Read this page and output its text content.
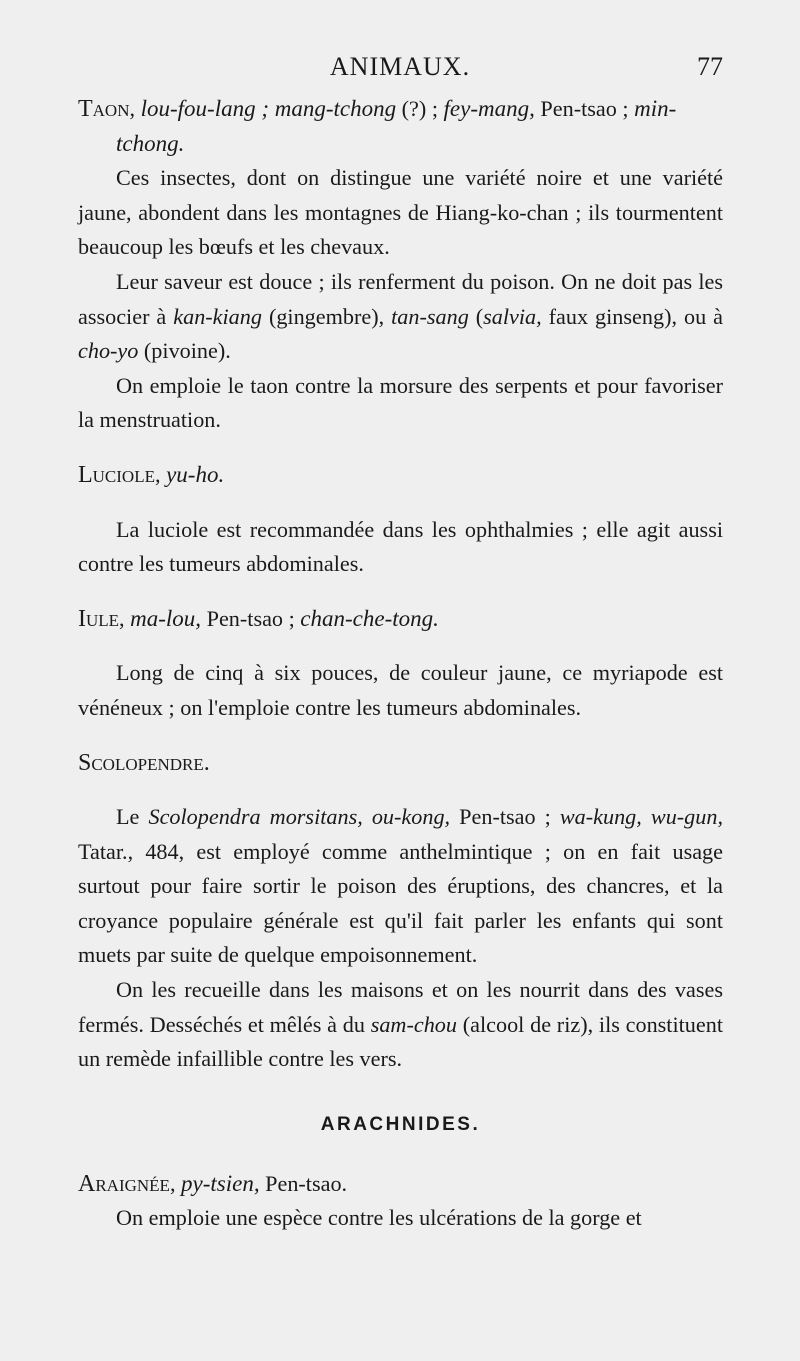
ANIMAUX.	77

Taon, lou-fou-lang ; mang-tchong (?) ; fey-mang, Pen-tsao ; min-tchong.

Ces insectes, dont on distingue une variété noire et une variété jaune, abondent dans les montagnes de Hiang-ko-chan ; ils tourmentent beaucoup les bœufs et les chevaux.

Leur saveur est douce ; ils renferment du poison. On ne doit pas les associer à kan-kiang (gingembre), tan-sang (salvia, faux ginseng), ou à cho-yo (pivoine).

On emploie le taon contre la morsure des serpents et pour favoriser la menstruation.

Luciole, yu-ho.

La luciole est recommandée dans les ophthalmies ; elle agit aussi contre les tumeurs abdominales.

Iule, ma-lou, Pen-tsao ; chan-che-tong.

Long de cinq à six pouces, de couleur jaune, ce myriapode est vénéneux ; on l'emploie contre les tumeurs abdominales.

Scolopendre.

Le Scolopendra morsitans, ou-kong, Pen-tsao ; wa-kung, wu-gun, Tatar., 484, est employé comme anthelmintique ; on en fait usage surtout pour faire sortir le poison des éruptions, des chancres, et la croyance populaire générale est qu'il fait parler les enfants qui sont muets par suite de quelque empoisonnement.

On les recueille dans les maisons et on les nourrit dans des vases fermés. Desséchés et mêlés à du sam-chou (alcool de riz), ils constituent un remède infaillible contre les vers.

ARACHNIDES.

Araignée, py-tsien, Pen-tsao.

On emploie une espèce contre les ulcérations de la gorge et
